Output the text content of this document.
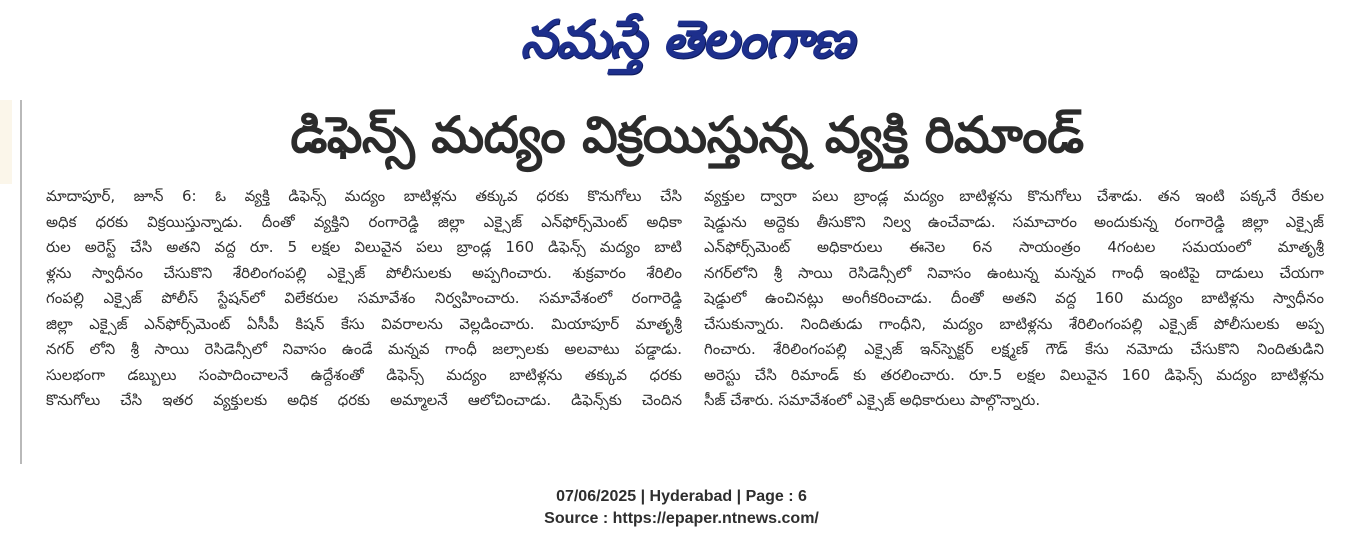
నమస్తే తెలంగాణ
డిఫెన్స్ మద్యం విక్రయిస్తున్న వ్యక్తి రిమాండ్
మాదాపూర్, జూన్ 6: ఓ వ్యక్తి డిఫెన్స్ మద్యం బాటిళ్లను తక్కువ ధరకు కొనుగోలు చేసి
అధిక ధరకు విక్రయిస్తున్నాడు. దీంతో వ్యక్తిని రంగారెడ్డి జిల్లా ఎక్సైజ్ ఎన్‌ఫోర్స్‌మెంట్ అధికా
రుల అరెస్ట్ చేసి అతని వద్ద రూ. 5 లక్షల విలువైన పలు బ్రాండ్ల 160 డిఫెన్స్ మద్యం బాటి
ళ్లను స్వాధీనం చేసుకొని శేరిలింగంపల్లి ఎక్సైజ్ పోలీసులకు అప్పగించారు. శుక్రవారం శేరిలిం
గంపల్లి ఎక్సైజ్ పోలీస్ స్టేషన్‌లో విలేకరుల సమావేశం నిర్వహించారు. సమావేశంలో రంగారెడ్డి
జిల్లా ఎక్సైజ్ ఎన్‌ఫోర్స్‌మెంట్ ఏసీపీ కిషన్ కేసు వివరాలను వెల్లడించారు. మియాపూర్ మాతృశ్రీ
నగర్ లోని శ్రీ సాయి రెసిడెన్సీలో నివాసం ఉండే మన్నవ గాంధీ జల్సాలకు అలవాటు పడ్డాడు.
సులభంగా డబ్బులు సంపాదించాలనే ఉద్దేశంతో డిఫెన్స్ మద్యం బాటిళ్లను తక్కువ ధరకు
కొనుగోలు చేసి ఇతర వ్యక్తులకు అధిక ధరకు అమ్మాలనే ఆలోచించాడు. డిఫెన్స్‌కు చెందిన
వ్యక్తుల ద్వారా పలు బ్రాండ్ల మద్యం బాటిళ్లను కొనుగోలు చేశాడు. తన ఇంటి పక్కనే రేకుల
షెడ్డును అద్దెకు తీసుకొని నిల్వ ఉంచేవాడు. సమాచారం అందుకున్న రంగారెడ్డి జిల్లా ఎక్సైజ్
ఎన్‌ఫోర్స్‌మెంట్ అధికారులు ఈనెల 6న సాయంత్రం 4గంటల సమయంలో మాతృశ్రీ
నగర్‌లోని శ్రీ సాయి రెసిడెన్సీలో నివాసం ఉంటున్న మన్నవ గాంధీ ఇంటిపై దాడులు చేయగా
షెడ్డులో ఉంచినట్లు అంగీకరించాడు. దీంతో అతని వద్ద 160 మద్యం బాటిళ్లను స్వాధీనం
చేసుకున్నారు. నిందితుడు గాంధీని, మద్యం బాటిళ్లను శేరిలింగంపల్లి ఎక్సైజ్ పోలీసులకు అప్ప
గించారు. శేరిలింగంపల్లి ఎక్సైజ్ ఇన్‌స్పెక్టర్ లక్ష్మణ్ గౌడ్ కేసు నమోదు చేసుకొని నిందితుడిని
అరెస్టు చేసి రిమాండ్ కు తరలించారు. రూ.5 లక్షల విలువైన 160 డిఫెన్స్ మద్యం బాటిళ్లను
సీజ్ చేశారు. సమావేశంలో ఎక్సైజ్ అధికారులు పాల్గొన్నారు.
07/06/2025 | Hyderabad | Page : 6
Source : https://epaper.ntnews.com/
